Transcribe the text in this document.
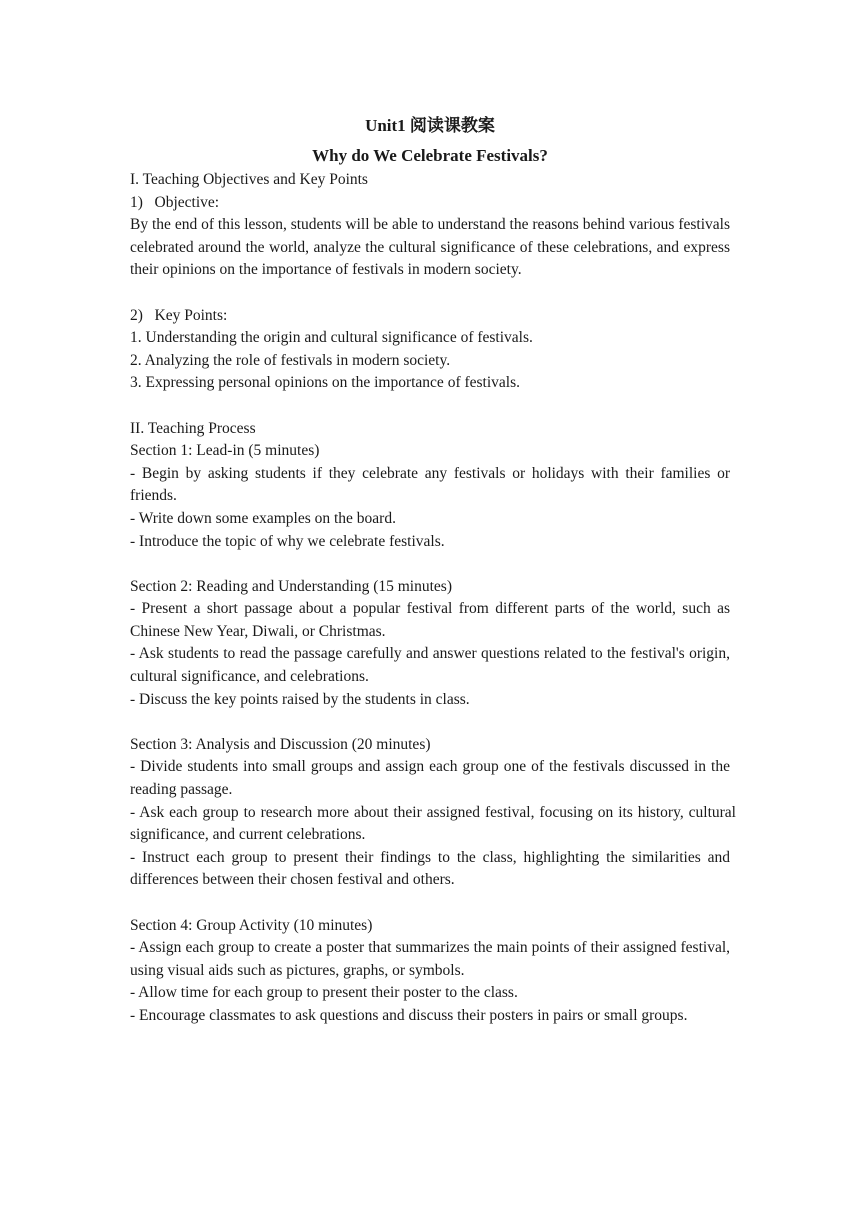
Unit1 阅读课教案

Why do We Celebrate Festivals?

I. Teaching Objectives and Key Points

1)   Objective:

By the end of this lesson, students will be able to understand the reasons behind various festivals celebrated around the world, analyze the cultural significance of these celebrations, and express their opinions on the importance of festivals in modern society.

2)   Key Points:

1. Understanding the origin and cultural significance of festivals.

2. Analyzing the role of festivals in modern society.

3. Expressing personal opinions on the importance of festivals.

II. Teaching Process

Section 1: Lead-in (5 minutes)

- Begin by asking students if they celebrate any festivals or holidays with their families or friends.

- Write down some examples on the board.

- Introduce the topic of why we celebrate festivals.

Section 2: Reading and Understanding (15 minutes)

- Present a short passage about a popular festival from different parts of the world, such as Chinese New Year, Diwali, or Christmas.

- Ask students to read the passage carefully and answer questions related to the festival's origin, cultural significance, and celebrations.

- Discuss the key points raised by the students in class.

Section 3: Analysis and Discussion (20 minutes)

- Divide students into small groups and assign each group one of the festivals discussed in the reading passage.

- Ask each group to research more about their assigned festival, focusing on its history, cultural significance, and current celebrations.

- Instruct each group to present their findings to the class, highlighting the similarities and differences between their chosen festival and others.

Section 4: Group Activity (10 minutes)

- Assign each group to create a poster that summarizes the main points of their assigned festival, using visual aids such as pictures, graphs, or symbols.

- Allow time for each group to present their poster to the class.

- Encourage classmates to ask questions and discuss their posters in pairs or small groups.
